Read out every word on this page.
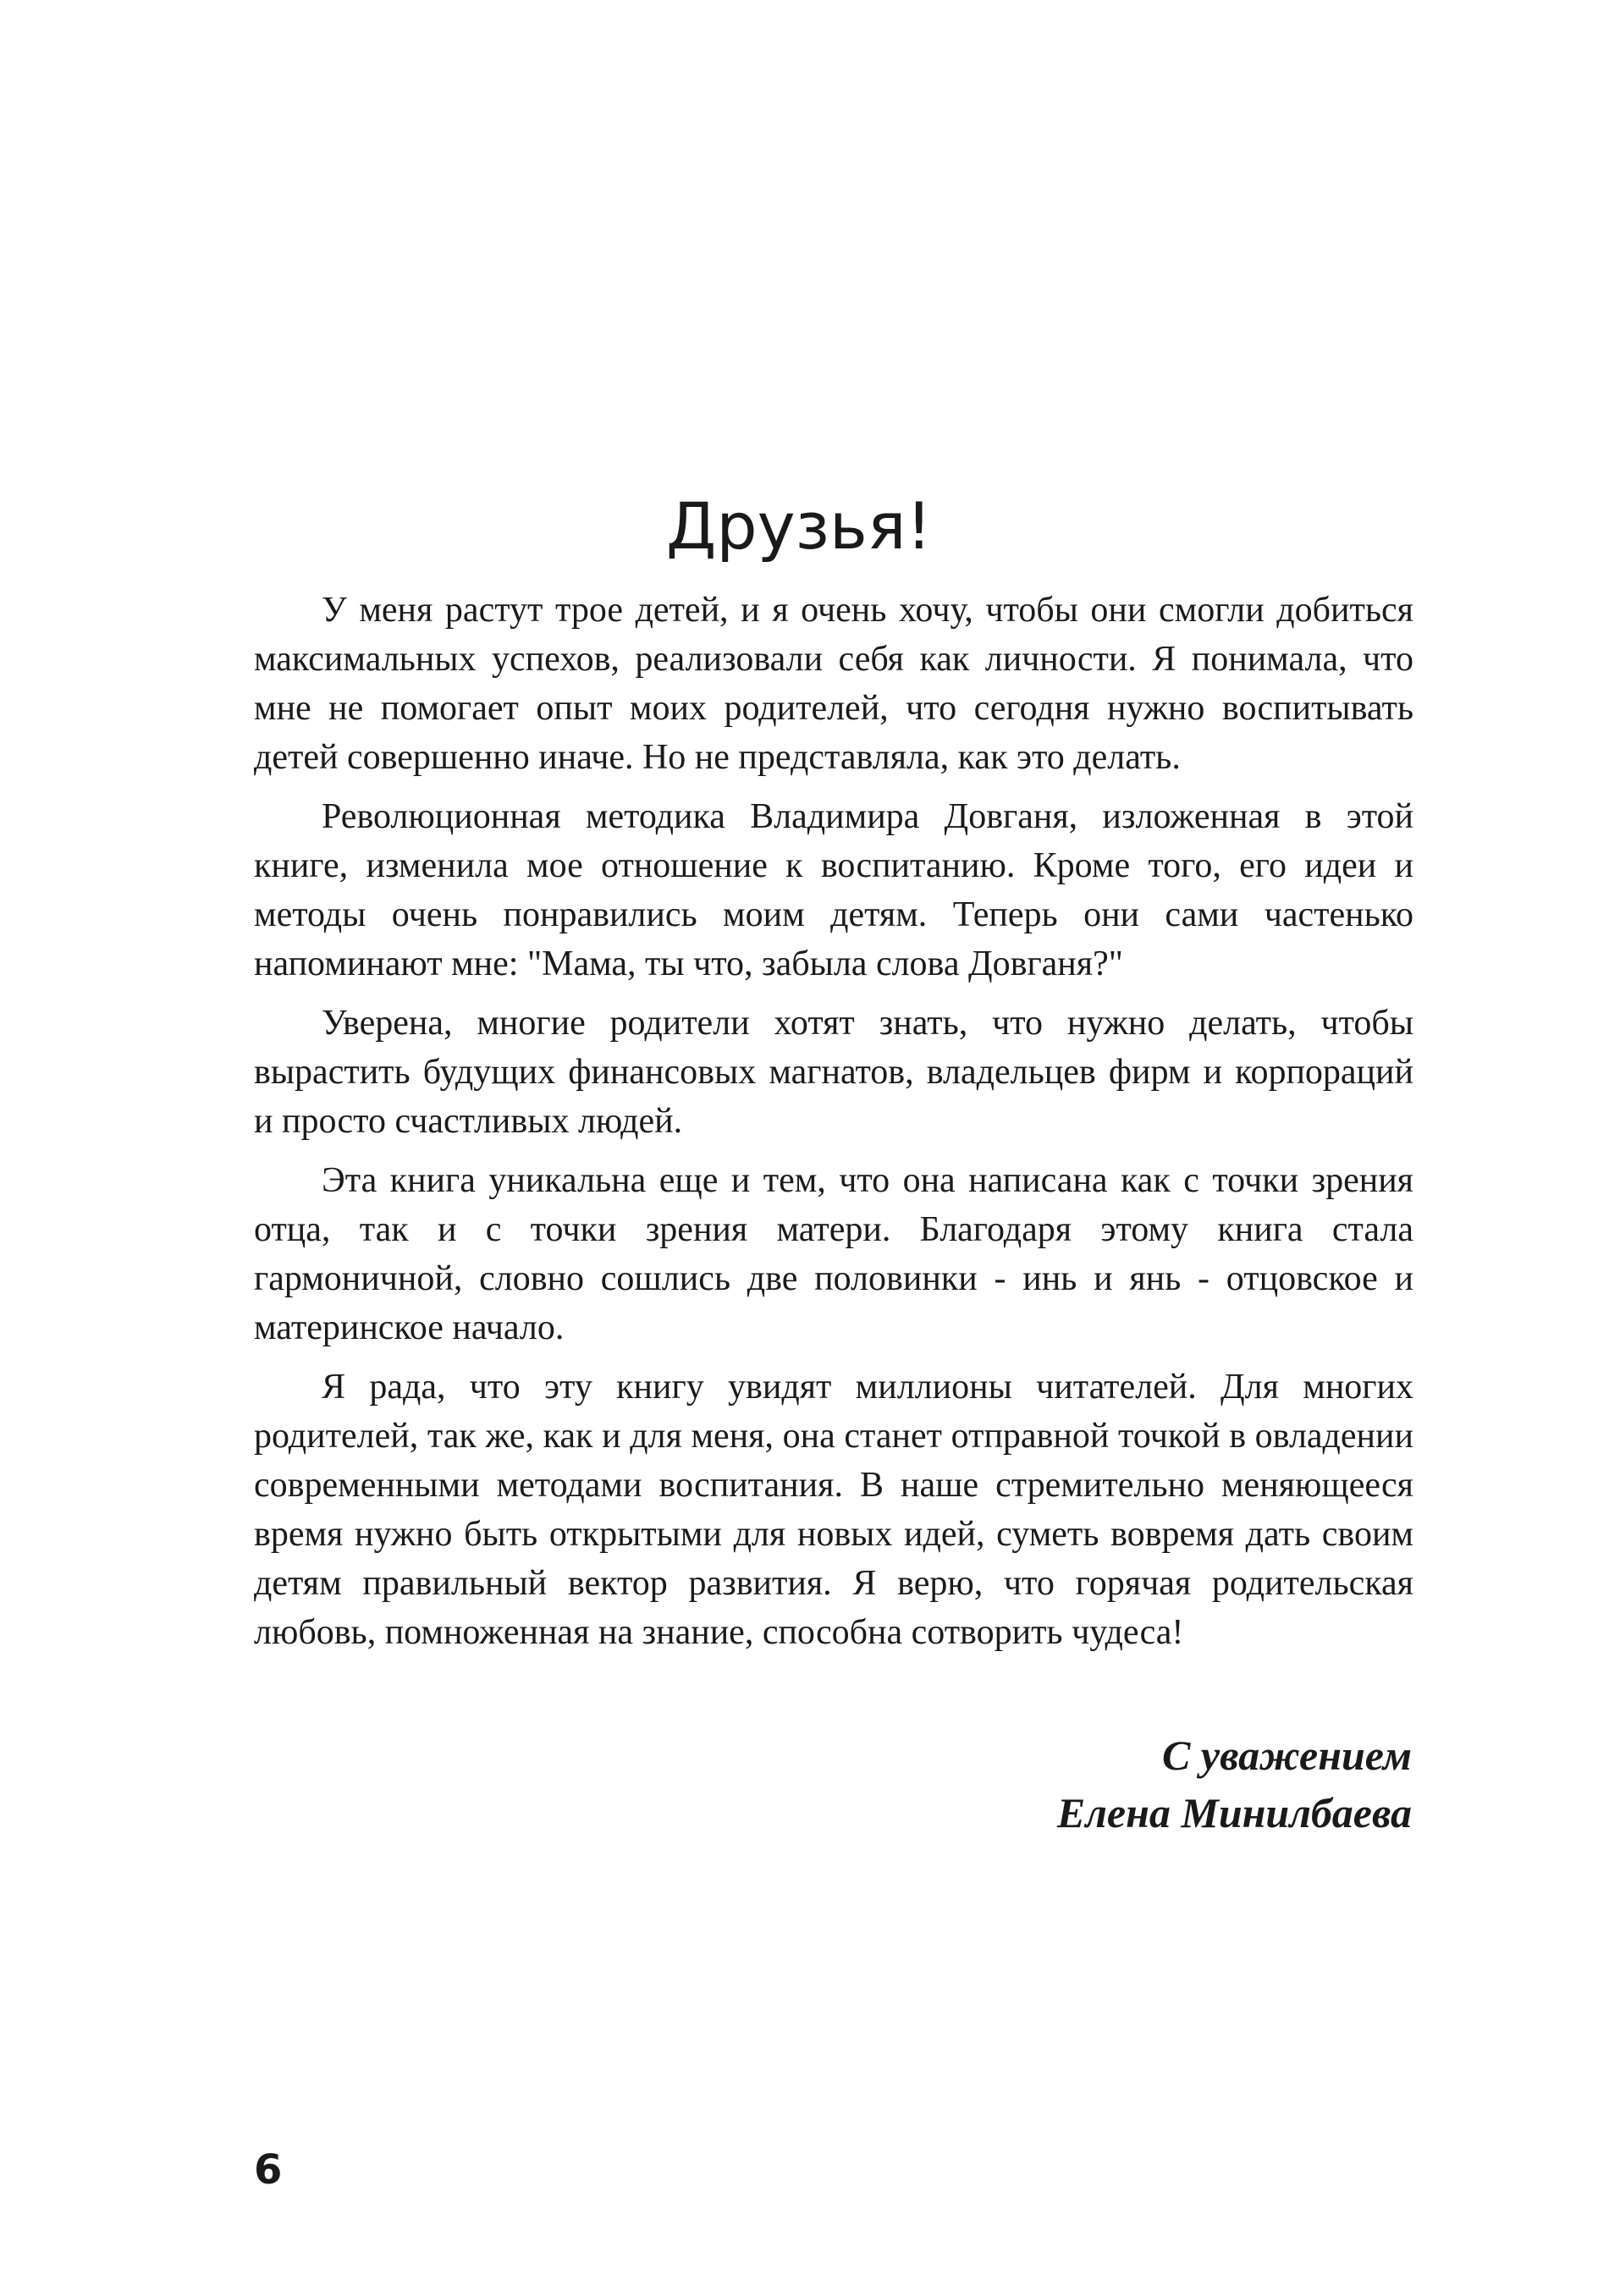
Друзья!

У меня растут трое детей, и я очень хочу, чтобы они смогли добиться максимальных успехов, реализовали себя как личности. Я понимала, что мне не помогает опыт моих родителей, что сегодня нужно воспитывать детей совершенно иначе. Но не представляла, как это делать.

Революционная методика Владимира Довганя, изложенная в этой книге, изменила мое отношение к воспитанию. Кроме того, его идеи и методы очень понравились моим детям. Теперь они сами частенько напоминают мне: "Мама, ты что, забыла слова Довганя?"

Уверена, многие родители хотят знать, что нужно делать, чтобы вырастить будущих финансовых магнатов, владельцев фирм и корпораций и просто счастливых людей.

Эта книга уникальна еще и тем, что она написана как с точки зрения отца, так и с точки зрения матери. Благодаря этому книга стала гармоничной, словно сошлись две половинки - инь и янь - отцовское и материнское начало.

Я рада, что эту книгу увидят миллионы читателей. Для многих родителей, так же, как и для меня, она станет отправной точкой в овладении современными методами воспитания. В наше стремительно меняющееся время нужно быть открытыми для новых идей, суметь вовремя дать своим детям правильный вектор развития. Я верю, что горячая родительская любовь, помноженная на знание, способна сотворить чудеса!

С уважением
Елена Минилбаева
6
